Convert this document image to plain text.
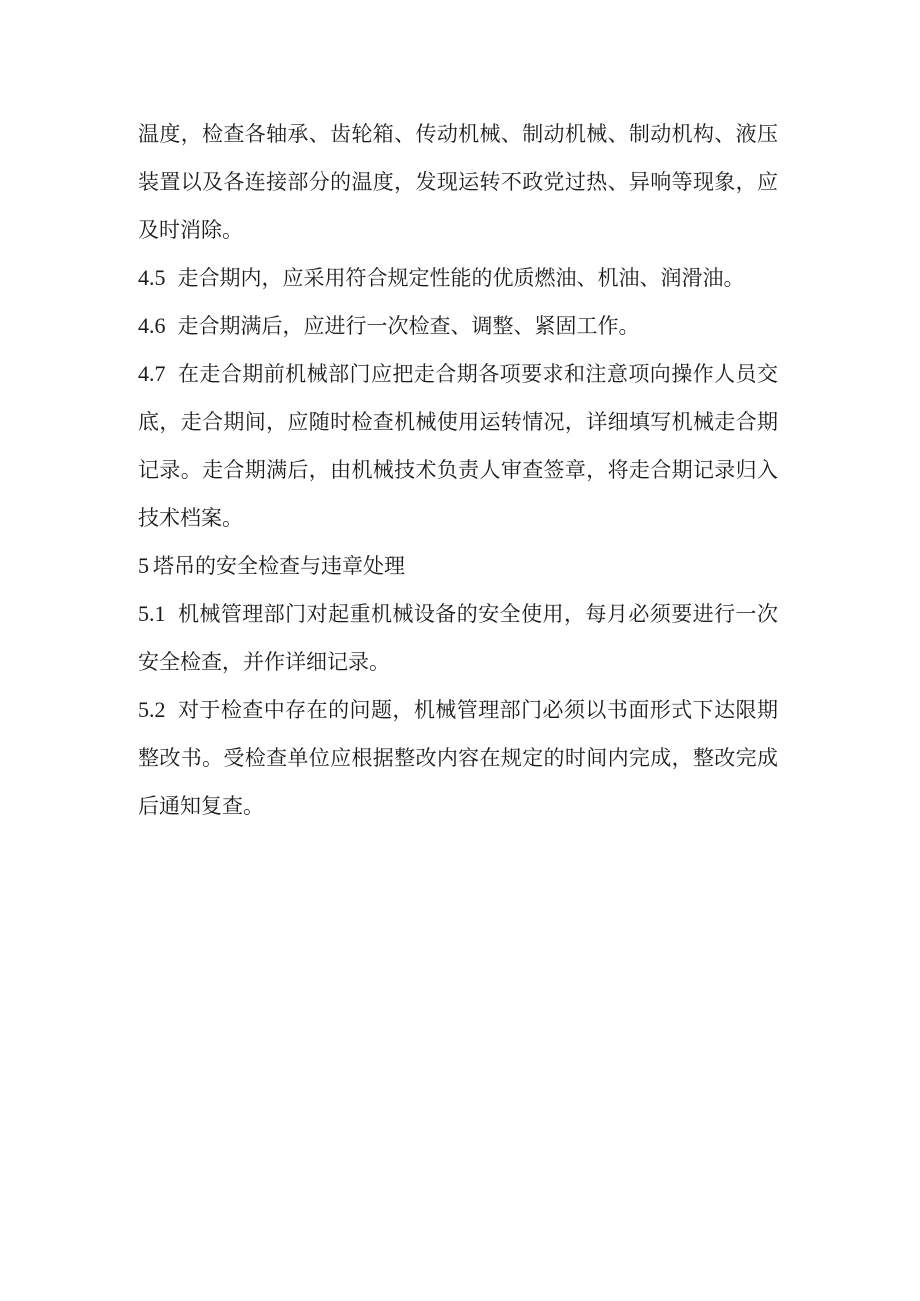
温度，检查各轴承、齿轮箱、传动机械、制动机械、制动机构、液压装置以及各连接部分的温度，发现运转不政党过热、异响等现象，应及时消除。

4.5 走合期内，应采用符合规定性能的优质燃油、机油、润滑油。

4.6 走合期满后，应进行一次检查、调整、紧固工作。

4.7 在走合期前机械部门应把走合期各项要求和注意项向操作人员交底，走合期间，应随时检查机械使用运转情况，详细填写机械走合期记录。走合期满后，由机械技术负责人审查签章，将走合期记录归入技术档案。

5 塔吊的安全检查与违章处理

5.1 机械管理部门对起重机械设备的安全使用，每月必须要进行一次安全检查，并作详细记录。

5.2 对于检查中存在的问题，机械管理部门必须以书面形式下达限期整改书。受检查单位应根据整改内容在规定的时间内完成，整改完成后通知复查。
